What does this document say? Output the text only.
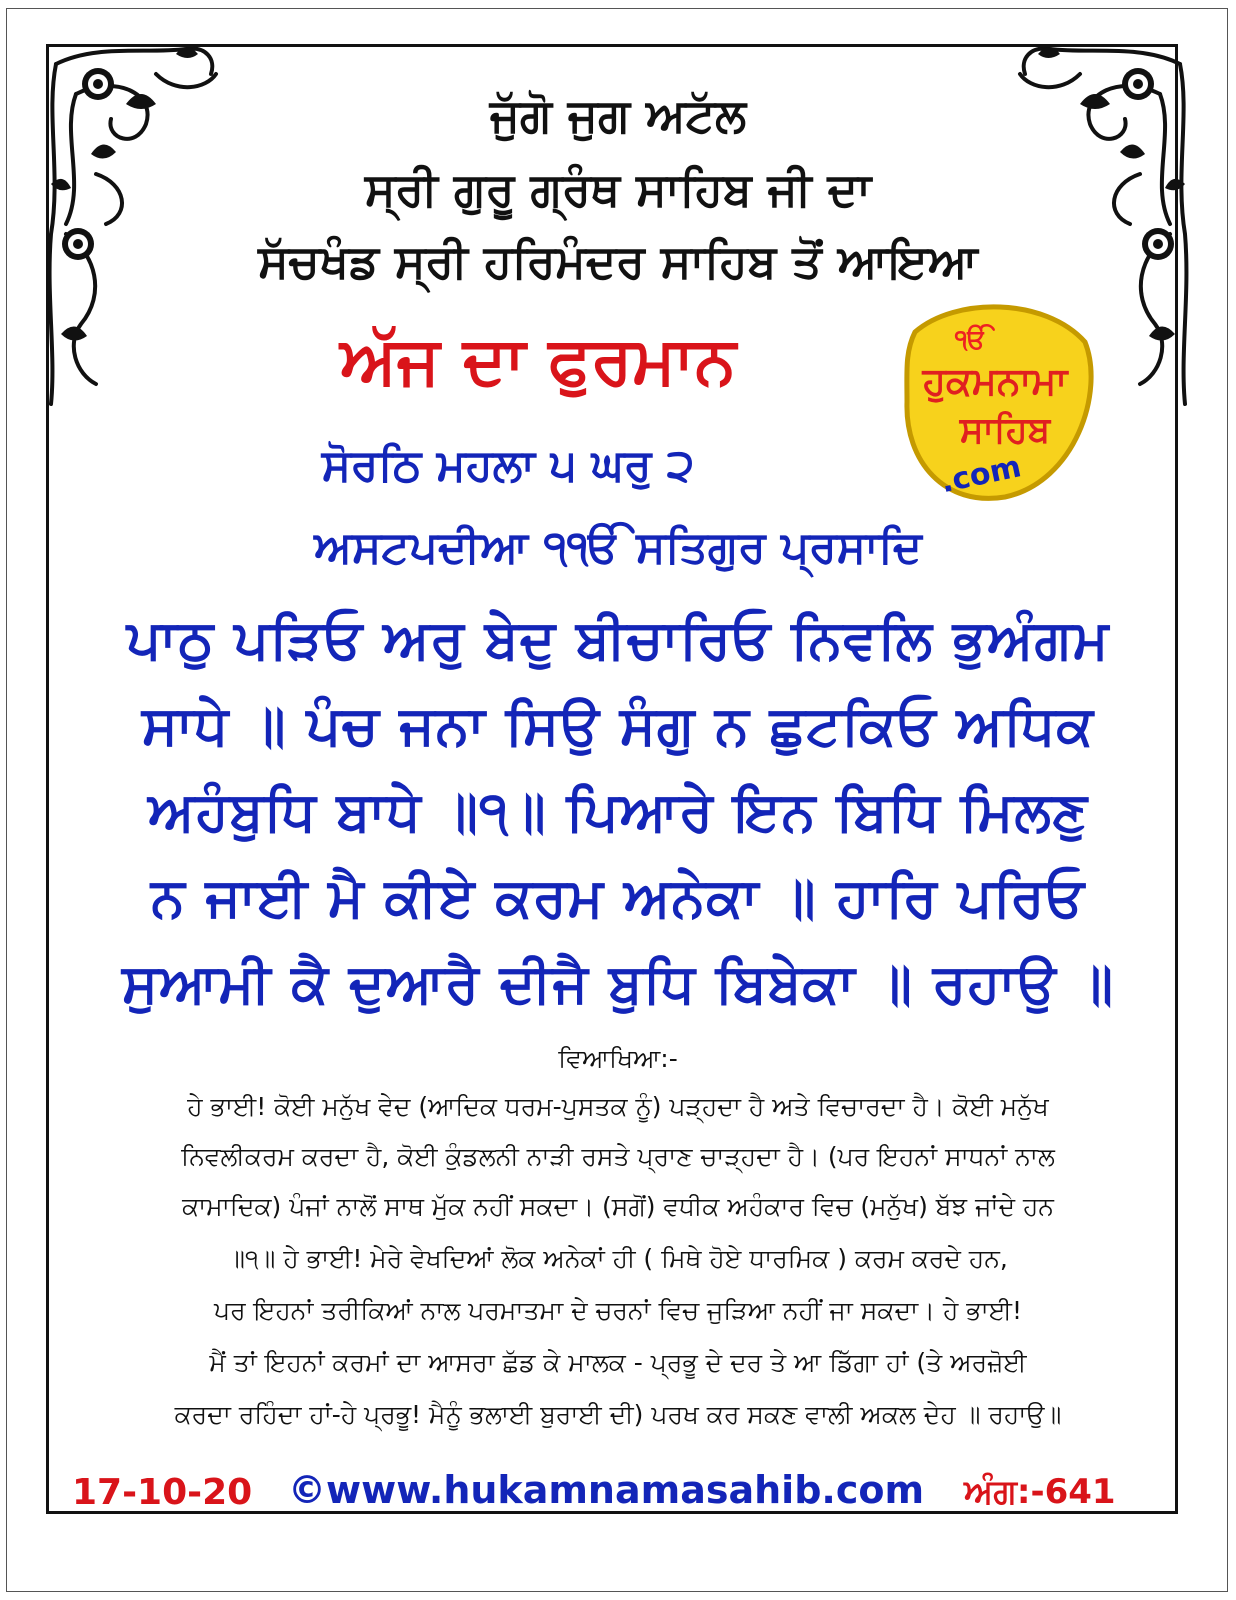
ਜੁੱਗੋ ਜੁਗ ਅਟੱਲ
ਸ੍ਰੀ ਗੁਰੂ ਗ੍ਰੰਥ ਸਾਹਿਬ ਜੀ ਦਾ
ਸੱਚਖੰਡ ਸ੍ਰੀ ਹਰਿਮੰਦਰ ਸਾਹਿਬ ਤੋਂ ਆਇਆ
ਅੱਜ ਦਾ ਫੁਰਮਾਨ	ੴ
ਹੁਕਮਨਾਮਾ
ਸਾਹਿਬ
.com
ਸੋਰਠਿ ਮਹਲਾ ੫ ਘਰੁ ੨
ਅਸਟਪਦੀਆ ੧ੴ ਸਤਿਗੁਰ ਪ੍ਰਸਾਦਿ
ਪਾਠੁ ਪੜਿਓ ਅਰੁ ਬੇਦੁ ਬੀਚਾਰਿਓ ਨਿਵਲਿ ਭੁਅੰਗਮ
ਸਾਧੇ ॥ ਪੰਚ ਜਨਾ ਸਿਉ ਸੰਗੁ ਨ ਛੁਟਕਿਓ ਅਧਿਕ
ਅਹੰਬੁਧਿ ਬਾਧੇ ॥੧॥ ਪਿਆਰੇ ਇਨ ਬਿਧਿ ਮਿਲਣੁ
ਨ ਜਾਈ ਮੈ ਕੀਏ ਕਰਮ ਅਨੇਕਾ ॥ ਹਾਰਿ ਪਰਿਓ
ਸੁਆਮੀ ਕੈ ਦੁਆਰੈ ਦੀਜੈ ਬੁਧਿ ਬਿਬੇਕਾ ॥ ਰਹਾਉ ॥
ਵਿਆਖਿਆ:-
ਹੇ ਭਾਈ! ਕੋਈ ਮਨੁੱਖ ਵੇਦ (ਆਦਿਕ ਧਰਮ-ਪੁਸਤਕ ਨੂੰ) ਪੜ੍ਹਦਾ ਹੈ ਅਤੇ ਵਿਚਾਰਦਾ ਹੈ। ਕੋਈ ਮਨੁੱਖ
ਨਿਵਲੀਕਰਮ ਕਰਦਾ ਹੈ, ਕੋਈ ਕੁੰਡਲਨੀ ਨਾੜੀ ਰਸਤੇ ਪ੍ਰਾਣ ਚਾੜ੍ਹਦਾ ਹੈ। (ਪਰ ਇਹਨਾਂ ਸਾਧਨਾਂ ਨਾਲ
ਕਾਮਾਦਿਕ) ਪੰਜਾਂ ਨਾਲੋਂ ਸਾਥ ਮੁੱਕ ਨਹੀਂ ਸਕਦਾ। (ਸਗੋਂ) ਵਧੀਕ ਅਹੰਕਾਰ ਵਿਚ (ਮਨੁੱਖ) ਬੱਝ ਜਾਂਦੇ ਹਨ
॥੧॥ ਹੇ ਭਾਈ! ਮੇਰੇ ਵੇਖਦਿਆਂ ਲੋਕ ਅਨੇਕਾਂ ਹੀ ( ਮਿਥੇ ਹੋਏ ਧਾਰਮਿਕ ) ਕਰਮ ਕਰਦੇ ਹਨ,
ਪਰ ਇਹਨਾਂ ਤਰੀਕਿਆਂ ਨਾਲ ਪਰਮਾਤਮਾ ਦੇ ਚਰਨਾਂ ਵਿਚ ਜੁੜਿਆ ਨਹੀਂ ਜਾ ਸਕਦਾ। ਹੇ ਭਾਈ!
ਮੈਂ ਤਾਂ ਇਹਨਾਂ ਕਰਮਾਂ ਦਾ ਆਸਰਾ ਛੱਡ ਕੇ ਮਾਲਕ - ਪ੍ਰਭੂ ਦੇ ਦਰ ਤੇ ਆ ਡਿੱਗਾ ਹਾਂ (ਤੇ ਅਰਜ਼ੋਈ
ਕਰਦਾ ਰਹਿੰਦਾ ਹਾਂ-ਹੇ ਪ੍ਰਭੂ! ਮੈਨੂੰ ਭਲਾਈ ਬੁਰਾਈ ਦੀ) ਪਰਖ ਕਰ ਸਕਣ ਵਾਲੀ ਅਕਲ ਦੇਹ ॥ ਰਹਾਉ॥
17-10-20 ©www.hukamnamasahib.com ਅੰਗ:-641
